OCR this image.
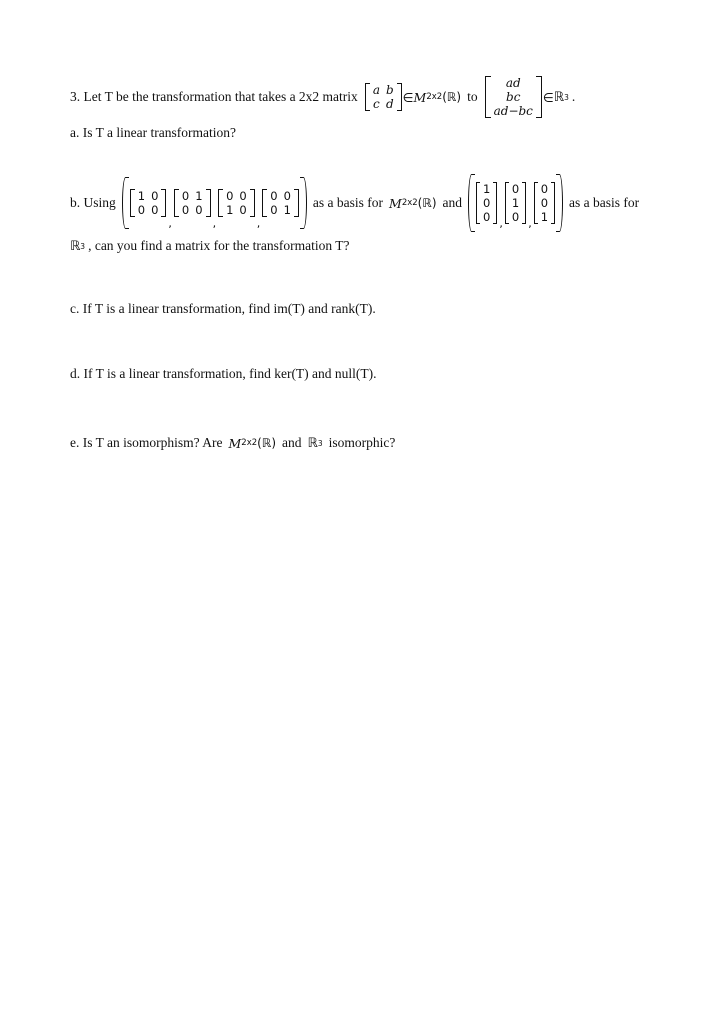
3. Let T be the transformation that takes a 2x2 matrix a	b
c	d ∈ M 2x2 (ℝ) to
ad
bc
ad−bc
∈ ℝ 3 .
a. Is T a linear transformation?
b. Using 1	0
0	0
,
0	1
0	0
,
0	0
1	0
,
0	0
0	1 as a basis for M 2x2 (ℝ) and
1
0
0 ,
0
1
0 ,
0
0
1
as a basis for
ℝ 3 , can you find a matrix for the transformation T?
c. If T is a linear transformation, find im(T) and rank(T).
d. If T is a linear transformation, find ker(T) and null(T).
e. Is T an isomorphism? Are M 2x2 (ℝ) and ℝ 3 isomorphic?
